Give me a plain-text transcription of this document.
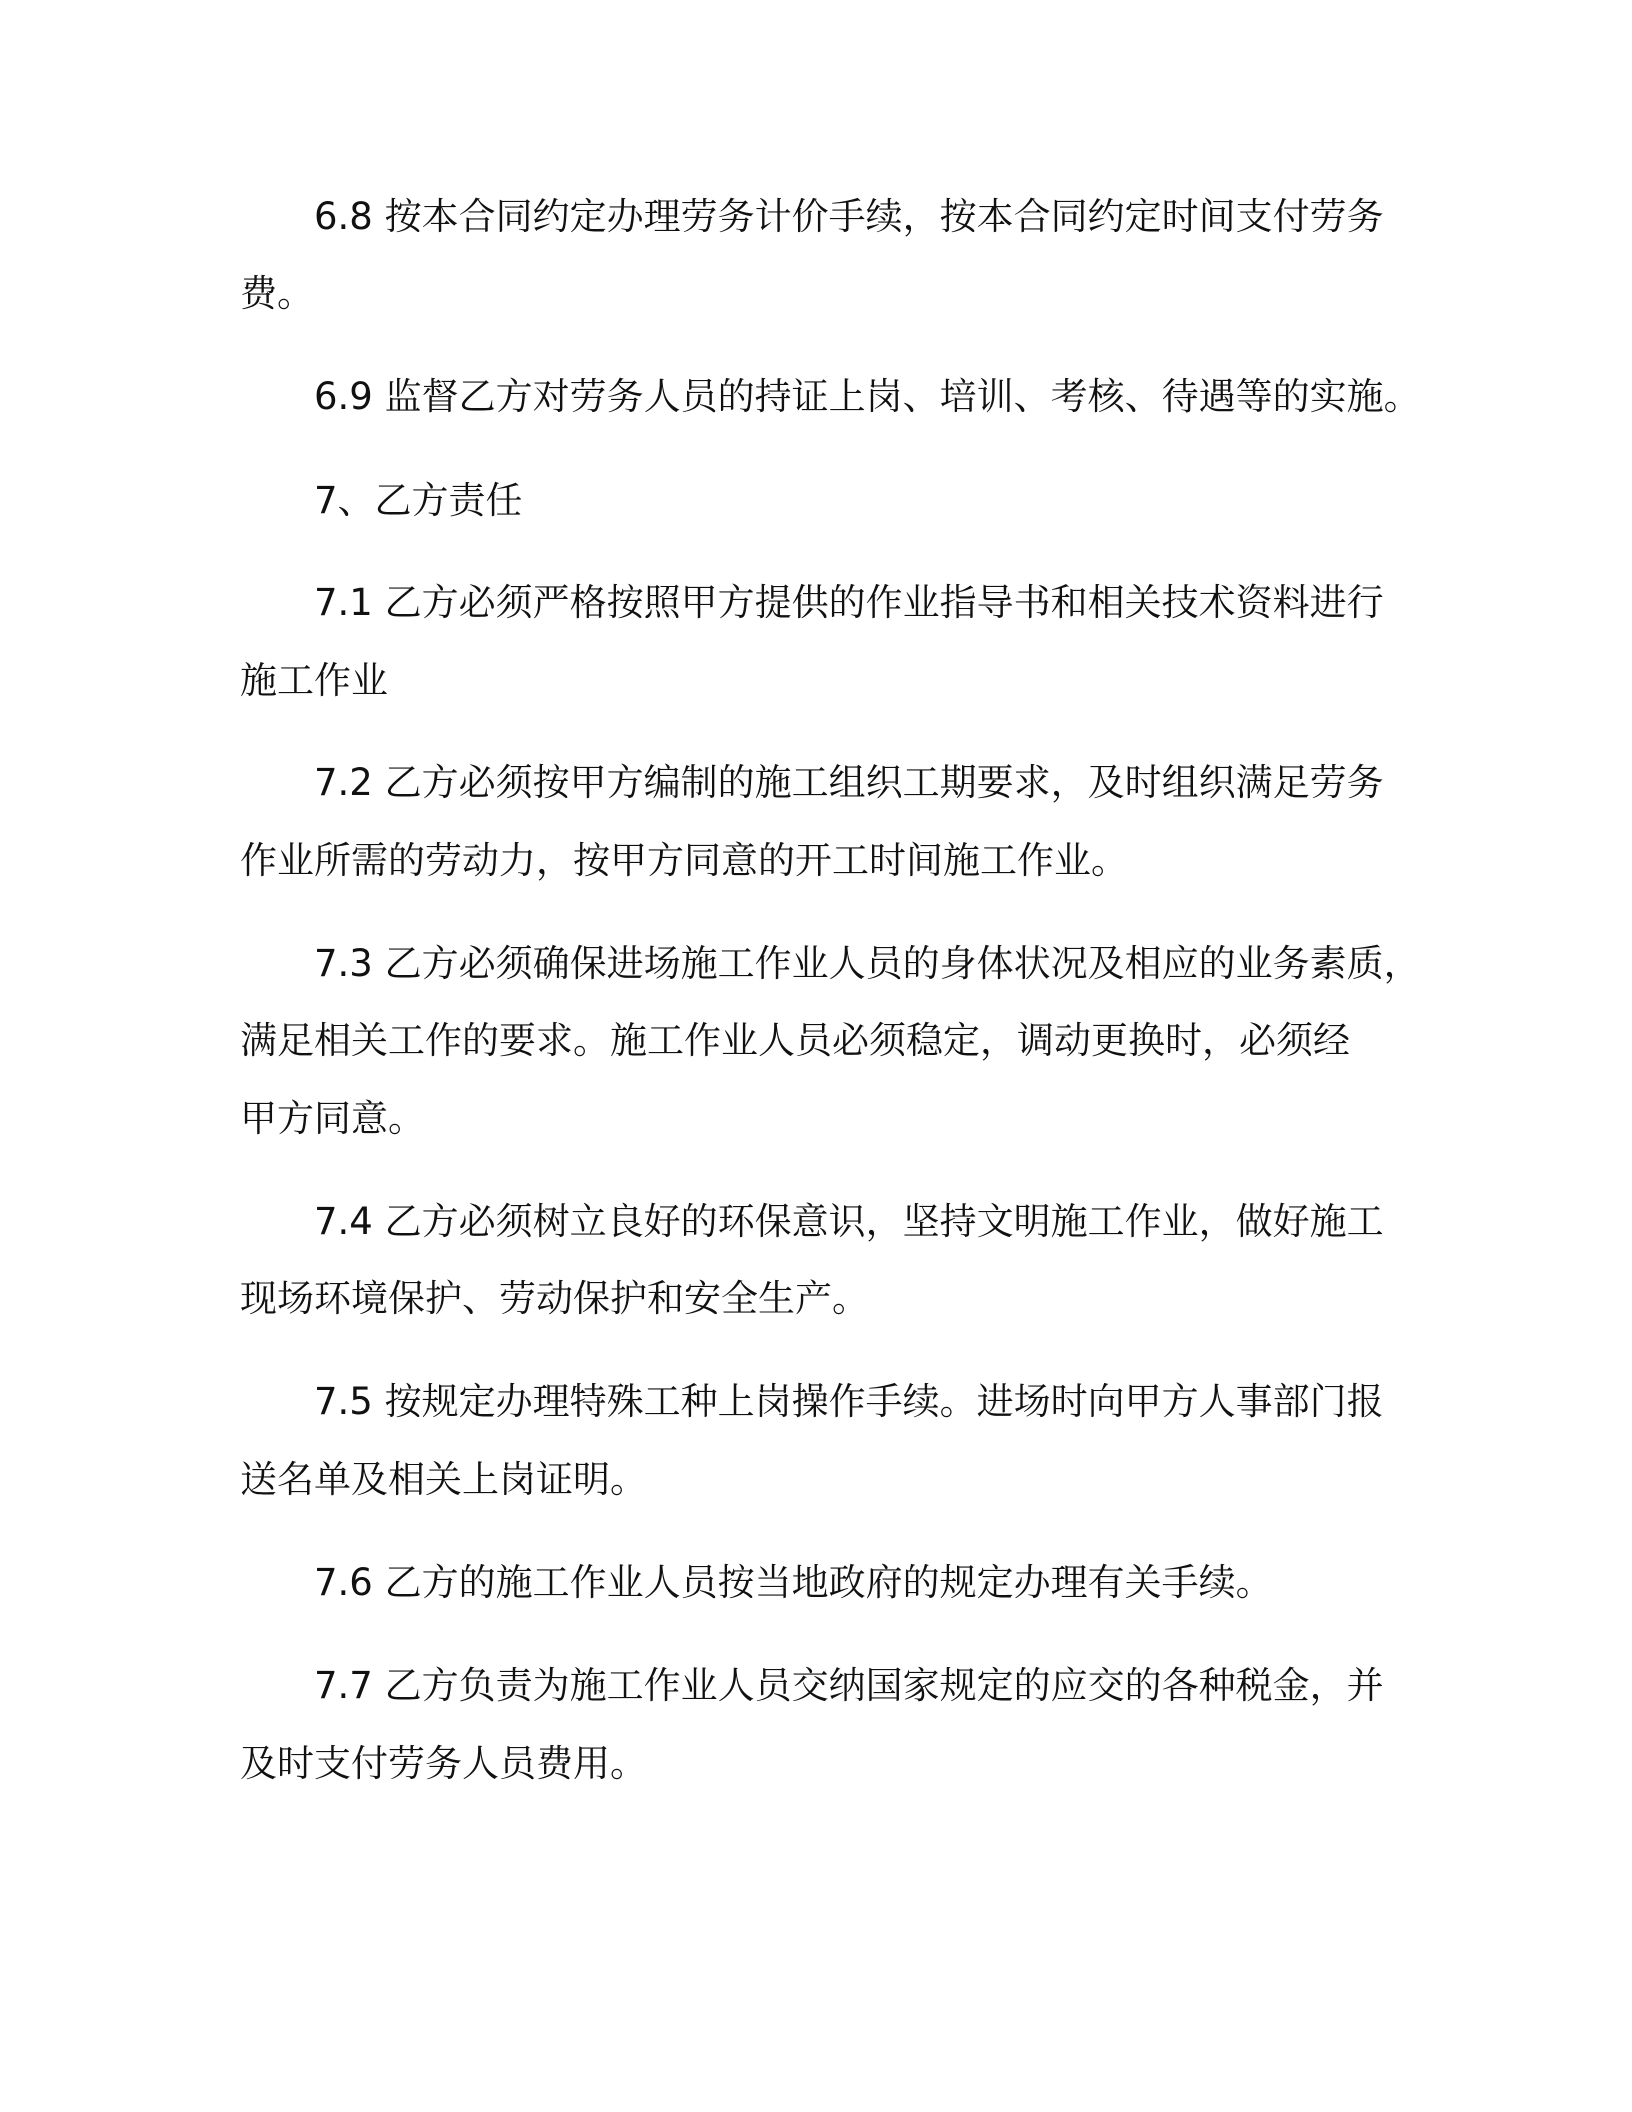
6.8 按本合同约定办理劳务计价手续，按本合同约定时间支付劳务
费。
6.9 监督乙方对劳务人员的持证上岗、培训、考核、待遇等的实施。
7、乙方责任
7.1 乙方必须严格按照甲方提供的作业指导书和相关技术资料进行
施工作业
7.2 乙方必须按甲方编制的施工组织工期要求，及时组织满足劳务
作业所需的劳动力，按甲方同意的开工时间施工作业。
7.3 乙方必须确保进场施工作业人员的身体状况及相应的业务素质，
满足相关工作的要求。施工作业人员必须稳定，调动更换时，必须经
甲方同意。
7.4 乙方必须树立良好的环保意识，坚持文明施工作业，做好施工
现场环境保护、劳动保护和安全生产。
7.5 按规定办理特殊工种上岗操作手续。进场时向甲方人事部门报
送名单及相关上岗证明。
7.6 乙方的施工作业人员按当地政府的规定办理有关手续。
7.7 乙方负责为施工作业人员交纳国家规定的应交的各种税金，并
及时支付劳务人员费用。
